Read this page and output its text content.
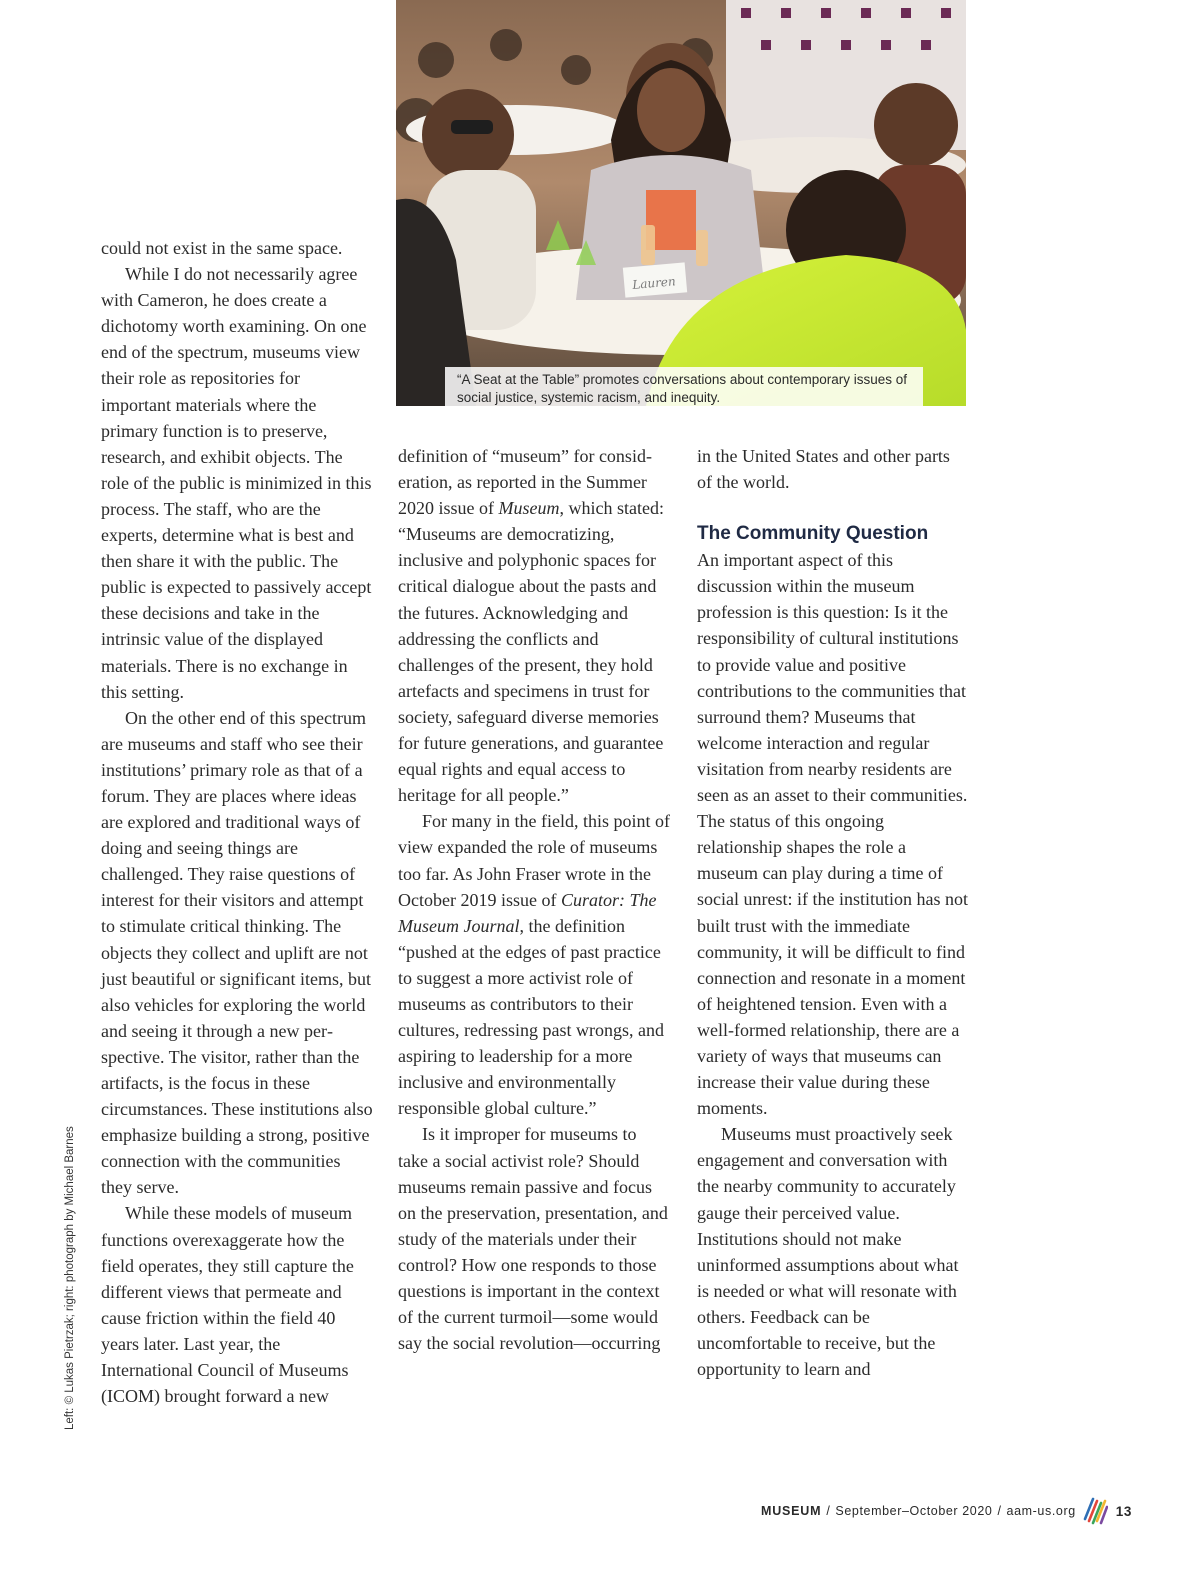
Lauren
“A Seat at the Table” promotes conversations about contemporary issues of social justice, systemic racism, and inequity.
Left: © Lukas Pietrzak; right: photograph by Michael Barnes

could not exist in the same space.

While I do not necessarily agree with Cameron, he does create a dichotomy worth examining. On one end of the spectrum, museums view their role as repositories for important materials where the primary function is to preserve, research, and exhibit objects. The role of the public is minimized in this process. The staff, who are the experts, determine what is best and then share it with the public. The public is expected to passively accept these decisions and take in the intrinsic value of the displayed materials. There is no exchange in this setting.

On the other end of this spectrum are museums and staff who see their institutions’ primary role as that of a forum. They are places where ideas are explored and traditional ways of doing and seeing things are challenged. They raise questions of interest for their visitors and attempt to stimulate critical thinking. The objects they collect and uplift are not just beautiful or significant items, but also vehicles for exploring the world and seeing it through a new perspective. The visitor, rather than the artifacts, is the focus in these circumstances. These institutions also emphasize building a strong, positive connection with the communities they serve.

While these models of museum functions overexaggerate how the field operates, they still capture the different views that permeate and cause friction within the field 40 years later. Last year, the International Council of Museums (ICOM) brought forward a new

definition of “museum” for consideration, as reported in the Summer 2020 issue of Museum, which stated: “Museums are democratizing, inclusive and polyphonic spaces for critical dialogue about the pasts and the futures. Acknowledging and addressing the conflicts and challenges of the present, they hold artefacts and specimens in trust for society, safeguard diverse memories for future generations, and guarantee equal rights and equal access to heritage for all people.”

For many in the field, this point of view expanded the role of museums too far. As John Fraser wrote in the October 2019 issue of Curator: The Museum Journal, the definition “pushed at the edges of past practice to suggest a more activist role of museums as contributors to their cultures, redressing past wrongs, and aspiring to leadership for a more inclusive and environmentally responsible global culture.”

Is it improper for museums to take a social activist role? Should museums remain passive and focus on the preservation, presentation, and study of the materials under their control? How one responds to those questions is important in the context of the current turmoil—some would say the social revolution—occurring

in the United States and other parts of the world.

The Community Question

An important aspect of this discussion within the museum profession is this question: Is it the responsibility of cultural institutions to provide value and positive contributions to the communities that surround them? Museums that welcome interaction and regular visitation from nearby residents are seen as an asset to their communities. The status of this ongoing relationship shapes the role a museum can play during a time of social unrest: if the institution has not built trust with the immediate community, it will be difficult to find connection and resonate in a moment of heightened tension. Even with a well-formed relationship, there are a variety of ways that museums can increase their value during these moments.

Museums must proactively seek engagement and conversation with the nearby community to accurately gauge their perceived value. Institutions should not make uninformed assumptions about what is needed or what will resonate with others. Feedback can be uncomfortable to receive, but the opportunity to learn and

MUSEUM / September–October 2020 / aam-us.org	13
